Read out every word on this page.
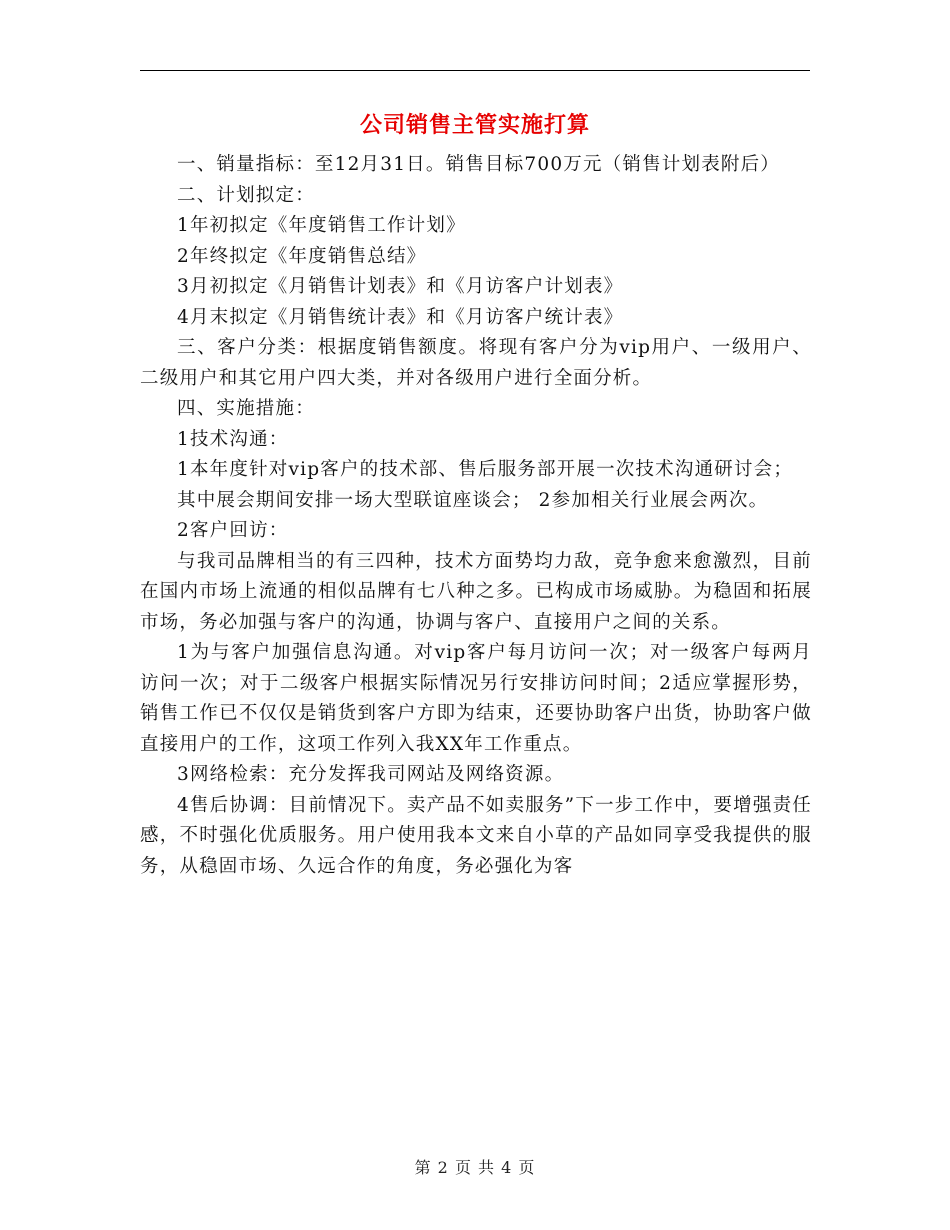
公司销售主管实施打算

一、销量指标：至12月31日。销售目标700万元（销售计划表附后）

二、计划拟定：

1年初拟定《年度销售工作计划》

2年终拟定《年度销售总结》

3月初拟定《月销售计划表》和《月访客户计划表》

4月末拟定《月销售统计表》和《月访客户统计表》

三、客户分类：根据度销售额度。将现有客户分为vip用户、一级用户、二级用户和其它用户四大类，并对各级用户进行全面分析。

四、实施措施：

1技术沟通：

1本年度针对vip客户的技术部、售后服务部开展一次技术沟通研讨会；

其中展会期间安排一场大型联谊座谈会； 2参加相关行业展会两次。

2客户回访：

与我司品牌相当的有三四种，技术方面势均力敌，竞争愈来愈激烈，目前在国内市场上流通的相似品牌有七八种之多。已构成市场威胁。为稳固和拓展市场，务必加强与客户的沟通，协调与客户、直接用户之间的关系。

1为与客户加强信息沟通。对vip客户每月访问一次；对一级客户每两月访问一次；对于二级客户根据实际情况另行安排访问时间；2适应掌握形势，销售工作已不仅仅是销货到客户方即为结束，还要协助客户出货，协助客户做直接用户的工作，这项工作列入我XX年工作重点。

3网络检索：充分发挥我司网站及网络资源。

4售后协调：目前情况下。卖产品不如卖服务”下一步工作中，要增强责任感，不时强化优质服务。用户使用我本文来自小草的产品如同享受我提供的服务，从稳固市场、久远合作的角度，务必强化为客

第 2 页 共 4 页
